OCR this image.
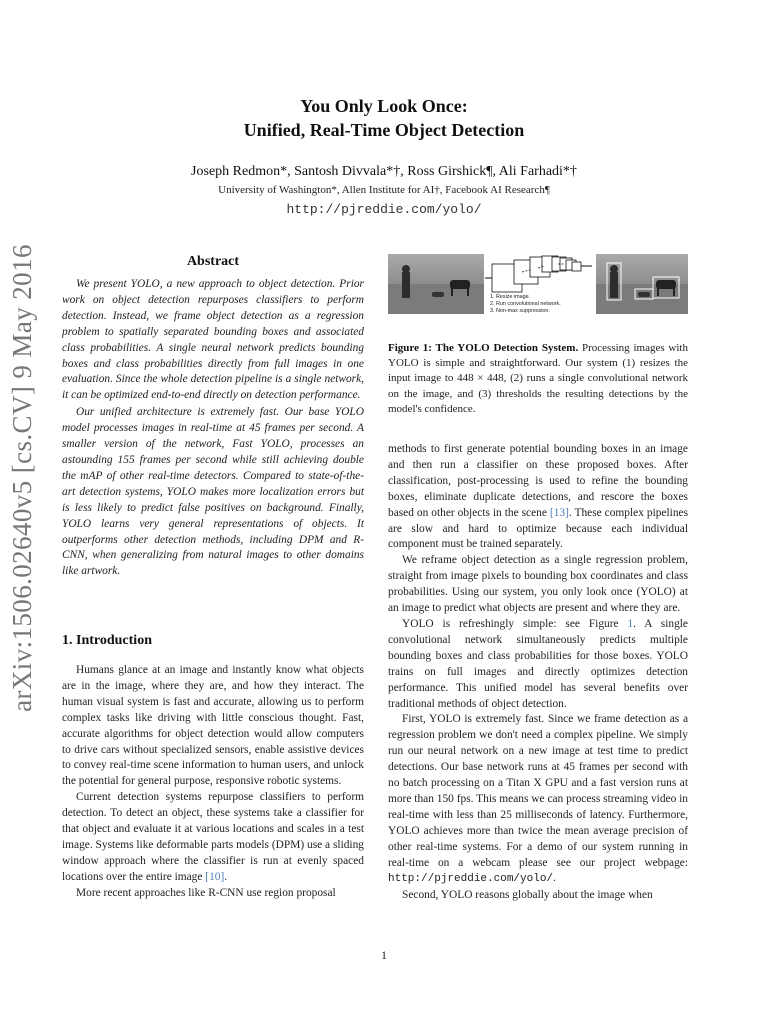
arXiv:1506.02640v5 [cs.CV] 9 May 2016
You Only Look Once:
Unified, Real-Time Object Detection
Joseph Redmon*, Santosh Divvala*†, Ross Girshick¶, Ali Farhadi*†
University of Washington*, Allen Institute for AI†, Facebook AI Research¶
http://pjreddie.com/yolo/
Abstract

We present YOLO, a new approach to object detection. Prior work on object detection repurposes classifiers to perform detection. Instead, we frame object detection as a regression problem to spatially separated bounding boxes and associated class probabilities. A single neural network predicts bounding boxes and class probabilities directly from full images in one evaluation. Since the whole detection pipeline is a single network, it can be optimized end-to-end directly on detection performance.

Our unified architecture is extremely fast. Our base YOLO model processes images in real-time at 45 frames per second. A smaller version of the network, Fast YOLO, processes an astounding 155 frames per second while still achieving double the mAP of other real-time detectors. Compared to state-of-the-art detection systems, YOLO makes more localization errors but is less likely to predict false positives on background. Finally, YOLO learns very general representations of objects. It outperforms other detection methods, including DPM and R-CNN, when generalizing from natural images to other domains like artwork.

1. Introduction

Humans glance at an image and instantly know what objects are in the image, where they are, and how they interact. The human visual system is fast and accurate, allowing us to perform complex tasks like driving with little conscious thought. Fast, accurate algorithms for object detection would allow computers to drive cars without specialized sensors, enable assistive devices to convey real-time scene information to human users, and unlock the potential for general purpose, responsive robotic systems.

Current detection systems repurpose classifiers to perform detection. To detect an object, these systems take a classifier for that object and evaluate it at various locations and scales in a test image. Systems like deformable parts models (DPM) use a sliding window approach where the classifier is run at evenly spaced locations over the entire image [10].

More recent approaches like R-CNN use region proposal

1. Resize image.
2. Run convolutional network.
3. Non-max suppression.
Figure 1: The YOLO Detection System. Processing images with YOLO is simple and straightforward. Our system (1) resizes the input image to 448 × 448, (2) runs a single convolutional network on the image, and (3) thresholds the resulting detections by the model's confidence.

methods to first generate potential bounding boxes in an image and then run a classifier on these proposed boxes. After classification, post-processing is used to refine the bounding boxes, eliminate duplicate detections, and rescore the boxes based on other objects in the scene [13]. These complex pipelines are slow and hard to optimize because each individual component must be trained separately.

We reframe object detection as a single regression problem, straight from image pixels to bounding box coordinates and class probabilities. Using our system, you only look once (YOLO) at an image to predict what objects are present and where they are.

YOLO is refreshingly simple: see Figure 1. A single convolutional network simultaneously predicts multiple bounding boxes and class probabilities for those boxes. YOLO trains on full images and directly optimizes detection performance. This unified model has several benefits over traditional methods of object detection.

First, YOLO is extremely fast. Since we frame detection as a regression problem we don't need a complex pipeline. We simply run our neural network on a new image at test time to predict detections. Our base network runs at 45 frames per second with no batch processing on a Titan X GPU and a fast version runs at more than 150 fps. This means we can process streaming video in real-time with less than 25 milliseconds of latency. Furthermore, YOLO achieves more than twice the mean average precision of other real-time systems. For a demo of our system running in real-time on a webcam please see our project webpage: http://pjreddie.com/yolo/.

Second, YOLO reasons globally about the image when

1
